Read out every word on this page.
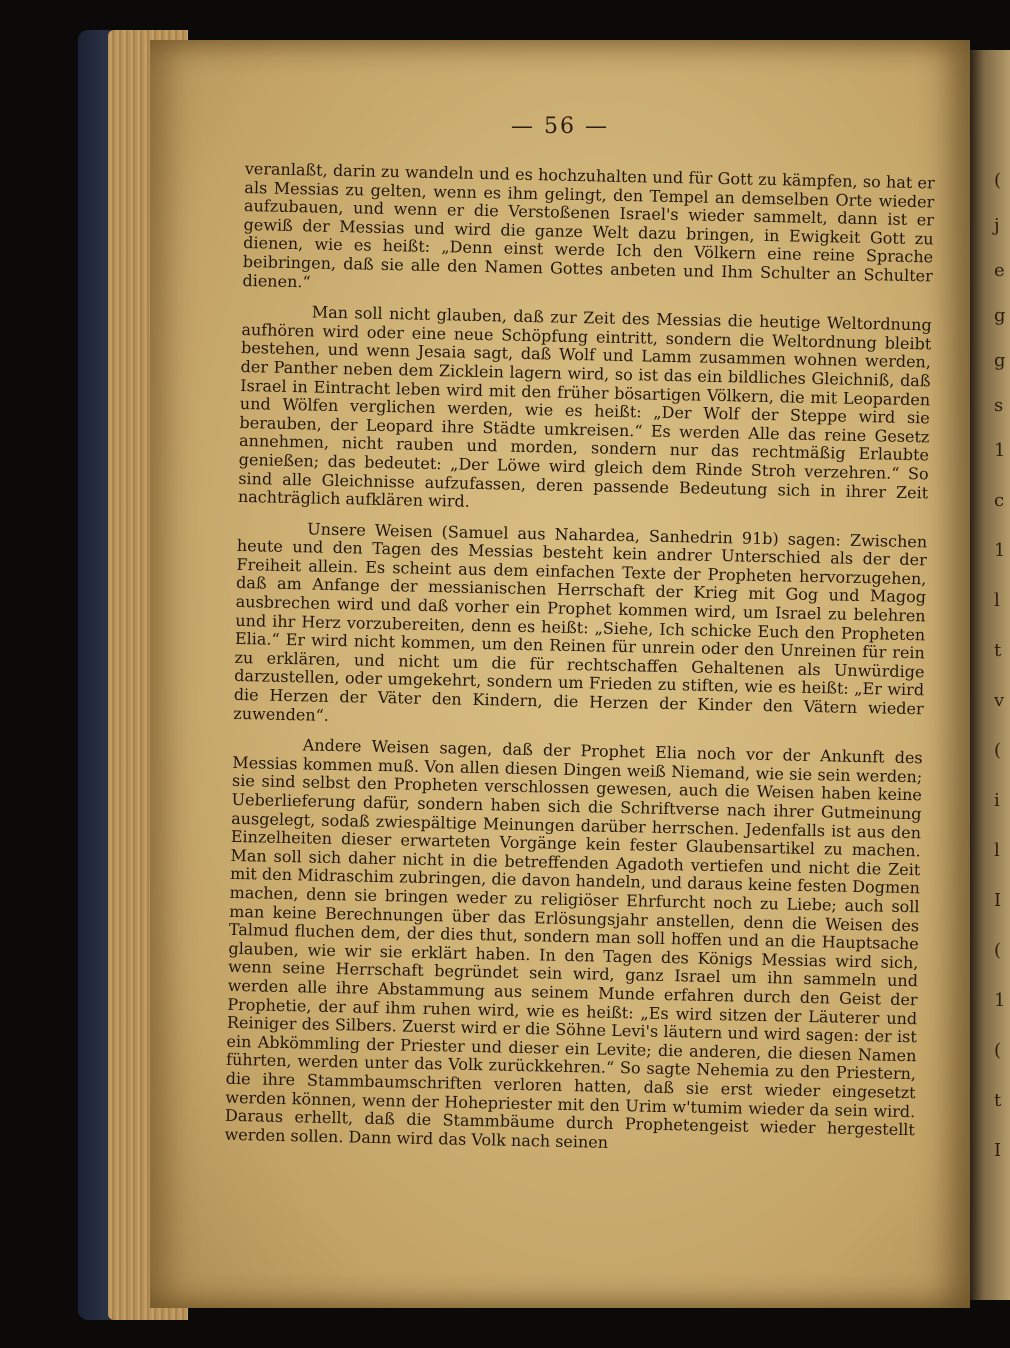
— 56 —

veranlaßt, darin zu wandeln und es hochzuhalten und für Gott zu kämpfen, so hat er als Messias zu gelten, wenn es ihm gelingt, den Tempel an demselben Orte wieder aufzubauen, und wenn er die Verstoßenen Israel's wieder sammelt, dann ist er gewiß der Messias und wird die ganze Welt dazu bringen, in Ewigkeit Gott zu dienen, wie es heißt: „Denn einst werde Ich den Völkern eine reine Sprache beibringen, daß sie alle den Namen Gottes anbeten und Ihm Schulter an Schulter dienen.“

Man soll nicht glauben, daß zur Zeit des Messias die heutige Weltordnung aufhören wird oder eine neue Schöpfung eintritt, sondern die Weltordnung bleibt bestehen, und wenn Jesaia sagt, daß Wolf und Lamm zusammen wohnen werden, der Panther neben dem Zicklein lagern wird, so ist das ein bildliches Gleichniß, daß Israel in Eintracht leben wird mit den früher bösartigen Völkern, die mit Leoparden und Wölfen verglichen werden, wie es heißt: „Der Wolf der Steppe wird sie berauben, der Leopard ihre Städte umkreisen.“ Es werden Alle das reine Gesetz annehmen, nicht rauben und morden, sondern nur das rechtmäßig Erlaubte genießen; das bedeutet: „Der Löwe wird gleich dem Rinde Stroh verzehren.“ So sind alle Gleichnisse aufzufassen, deren passende Bedeutung sich in ihrer Zeit nachträglich aufklären wird.

Unsere Weisen (Samuel aus Nahardea, Sanhedrin 91b) sagen: Zwischen heute und den Tagen des Messias besteht kein andrer Unterschied als der der Freiheit allein. Es scheint aus dem einfachen Texte der Propheten hervorzugehen, daß am Anfange der messianischen Herrschaft der Krieg mit Gog und Magog ausbrechen wird und daß vorher ein Prophet kommen wird, um Israel zu belehren und ihr Herz vorzubereiten, denn es heißt: „Siehe, Ich schicke Euch den Propheten Elia.“ Er wird nicht kommen, um den Reinen für unrein oder den Unreinen für rein zu erklären, und nicht um die für rechtschaffen Gehaltenen als Unwürdige darzustellen, oder umgekehrt, sondern um Frieden zu stiften, wie es heißt: „Er wird die Herzen der Väter den Kindern, die Herzen der Kinder den Vätern wieder zuwenden“.

Andere Weisen sagen, daß der Prophet Elia noch vor der Ankunft des Messias kommen muß. Von allen diesen Dingen weiß Niemand, wie sie sein werden; sie sind selbst den Propheten verschlossen gewesen, auch die Weisen haben keine Ueberlieferung dafür, sondern haben sich die Schriftverse nach ihrer Gutmeinung ausgelegt, sodaß zwiespältige Meinungen darüber herrschen. Jedenfalls ist aus den Einzelheiten dieser erwarteten Vorgänge kein fester Glaubensartikel zu machen. Man soll sich daher nicht in die betreffenden Agadoth vertiefen und nicht die Zeit mit den Midraschim zubringen, die davon handeln, und daraus keine festen Dogmen machen, denn sie bringen weder zu religiöser Ehrfurcht noch zu Liebe; auch soll man keine Berechnungen über das Erlösungsjahr anstellen, denn die Weisen des Talmud fluchen dem, der dies thut, sondern man soll hoffen und an die Hauptsache glauben, wie wir sie erklärt haben. In den Tagen des Königs Messias wird sich, wenn seine Herrschaft begründet sein wird, ganz Israel um ihn sammeln und werden alle ihre Abstammung aus seinem Munde erfahren durch den Geist der Prophetie, der auf ihm ruhen wird, wie es heißt: „Es wird sitzen der Läuterer und Reiniger des Silbers. Zuerst wird er die Söhne Levi's läutern und wird sagen: der ist ein Abkömmling der Priester und dieser ein Levite; die anderen, die diesen Namen führten, werden unter das Volk zurückkehren.“ So sagte Nehemia zu den Priestern, die ihre Stammbaumschriften verloren hatten, daß sie erst wieder eingesetzt werden können, wenn der Hohepriester mit den Urim w'tumim wieder da sein wird. Daraus erhellt, daß die Stammbäume durch Prophetengeist wieder hergestellt werden sollen. Dann wird das Volk nach seinen

(
j
e
g
g
s
1
c
1
l
t
v
(
i
l
I
(
1
(
t
I
